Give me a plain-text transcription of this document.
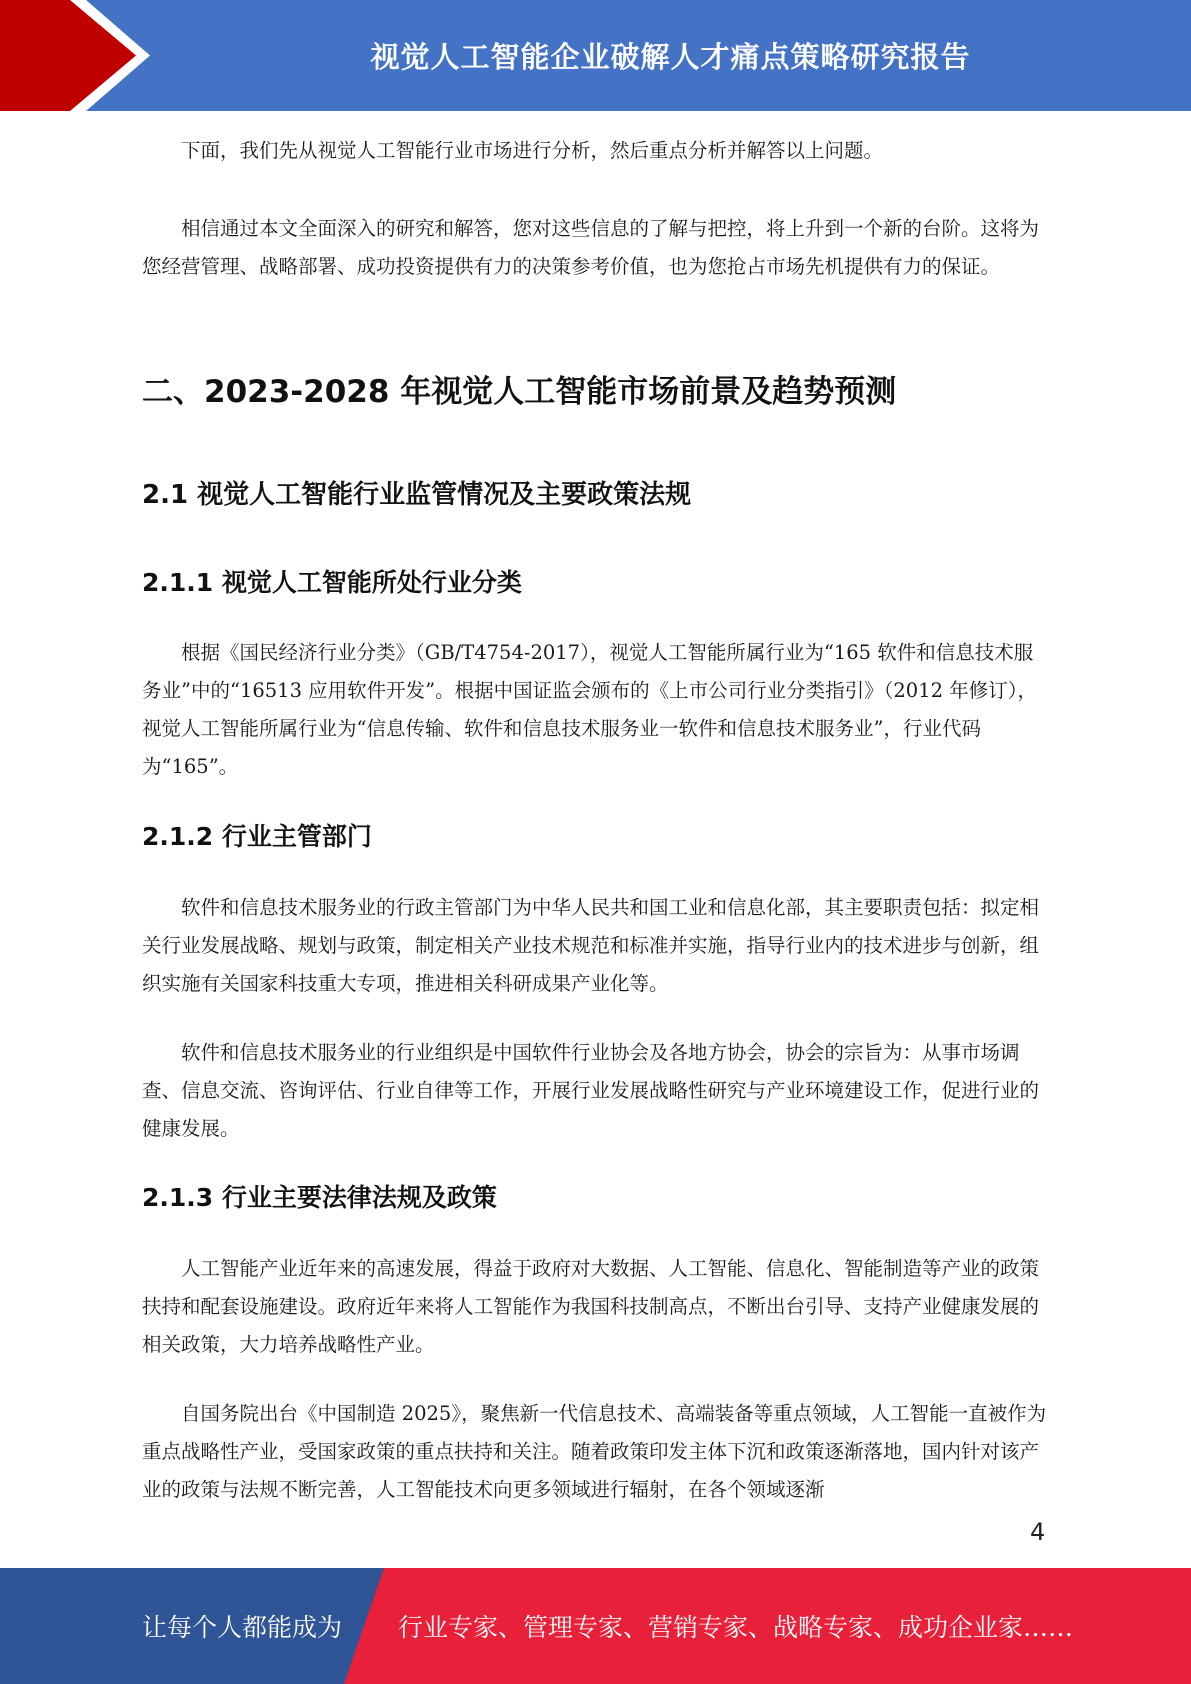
视觉人工智能企业破解人才痛点策略研究报告

下面，我们先从视觉人工智能行业市场进行分析，然后重点分析并解答以上问题。

相信通过本文全面深入的研究和解答，您对这些信息的了解与把控，将上升到一个新的台阶。这将为您经营管理、战略部署、成功投资提供有力的决策参考价值，也为您抢占市场先机提供有力的保证。

二、2023-2028 年视觉人工智能市场前景及趋势预测
2.1 视觉人工智能行业监管情况及主要政策法规
2.1.1 视觉人工智能所处行业分类

根据《国民经济行业分类》（GB/T4754-2017），视觉人工智能所属行业为“165 软件和信息技术服务业”中的“16513 应用软件开发”。根据中国证监会颁布的《上市公司行业分类指引》（2012 年修订），视觉人工智能所属行业为“信息传输、软件和信息技术服务业一软件和信息技术服务业”，行业代码为“165”。

2.1.2 行业主管部门

软件和信息技术服务业的行政主管部门为中华人民共和国工业和信息化部，其主要职责包括：拟定相关行业发展战略、规划与政策，制定相关产业技术规范和标准并实施，指导行业内的技术进步与创新，组织实施有关国家科技重大专项，推进相关科研成果产业化等。

软件和信息技术服务业的行业组织是中国软件行业协会及各地方协会，协会的宗旨为：从事市场调查、信息交流、咨询评估、行业自律等工作，开展行业发展战略性研究与产业环境建设工作，促进行业的健康发展。

2.1.3 行业主要法律法规及政策

人工智能产业近年来的高速发展，得益于政府对大数据、人工智能、信息化、智能制造等产业的政策扶持和配套设施建设。政府近年来将人工智能作为我国科技制高点，不断出台引导、支持产业健康发展的相关政策，大力培养战略性产业。

自国务院出台《中国制造 2025》，聚焦新一代信息技术、高端装备等重点领域，人工智能一直被作为重点战略性产业，受国家政策的重点扶持和关注。随着政策印发主体下沉和政策逐渐落地，国内针对该产业的政策与法规不断完善，人工智能技术向更多领域进行辐射，在各个领域逐渐

4
让每个人都能成为 行业专家、管理专家、营销专家、战略专家、成功企业家……
